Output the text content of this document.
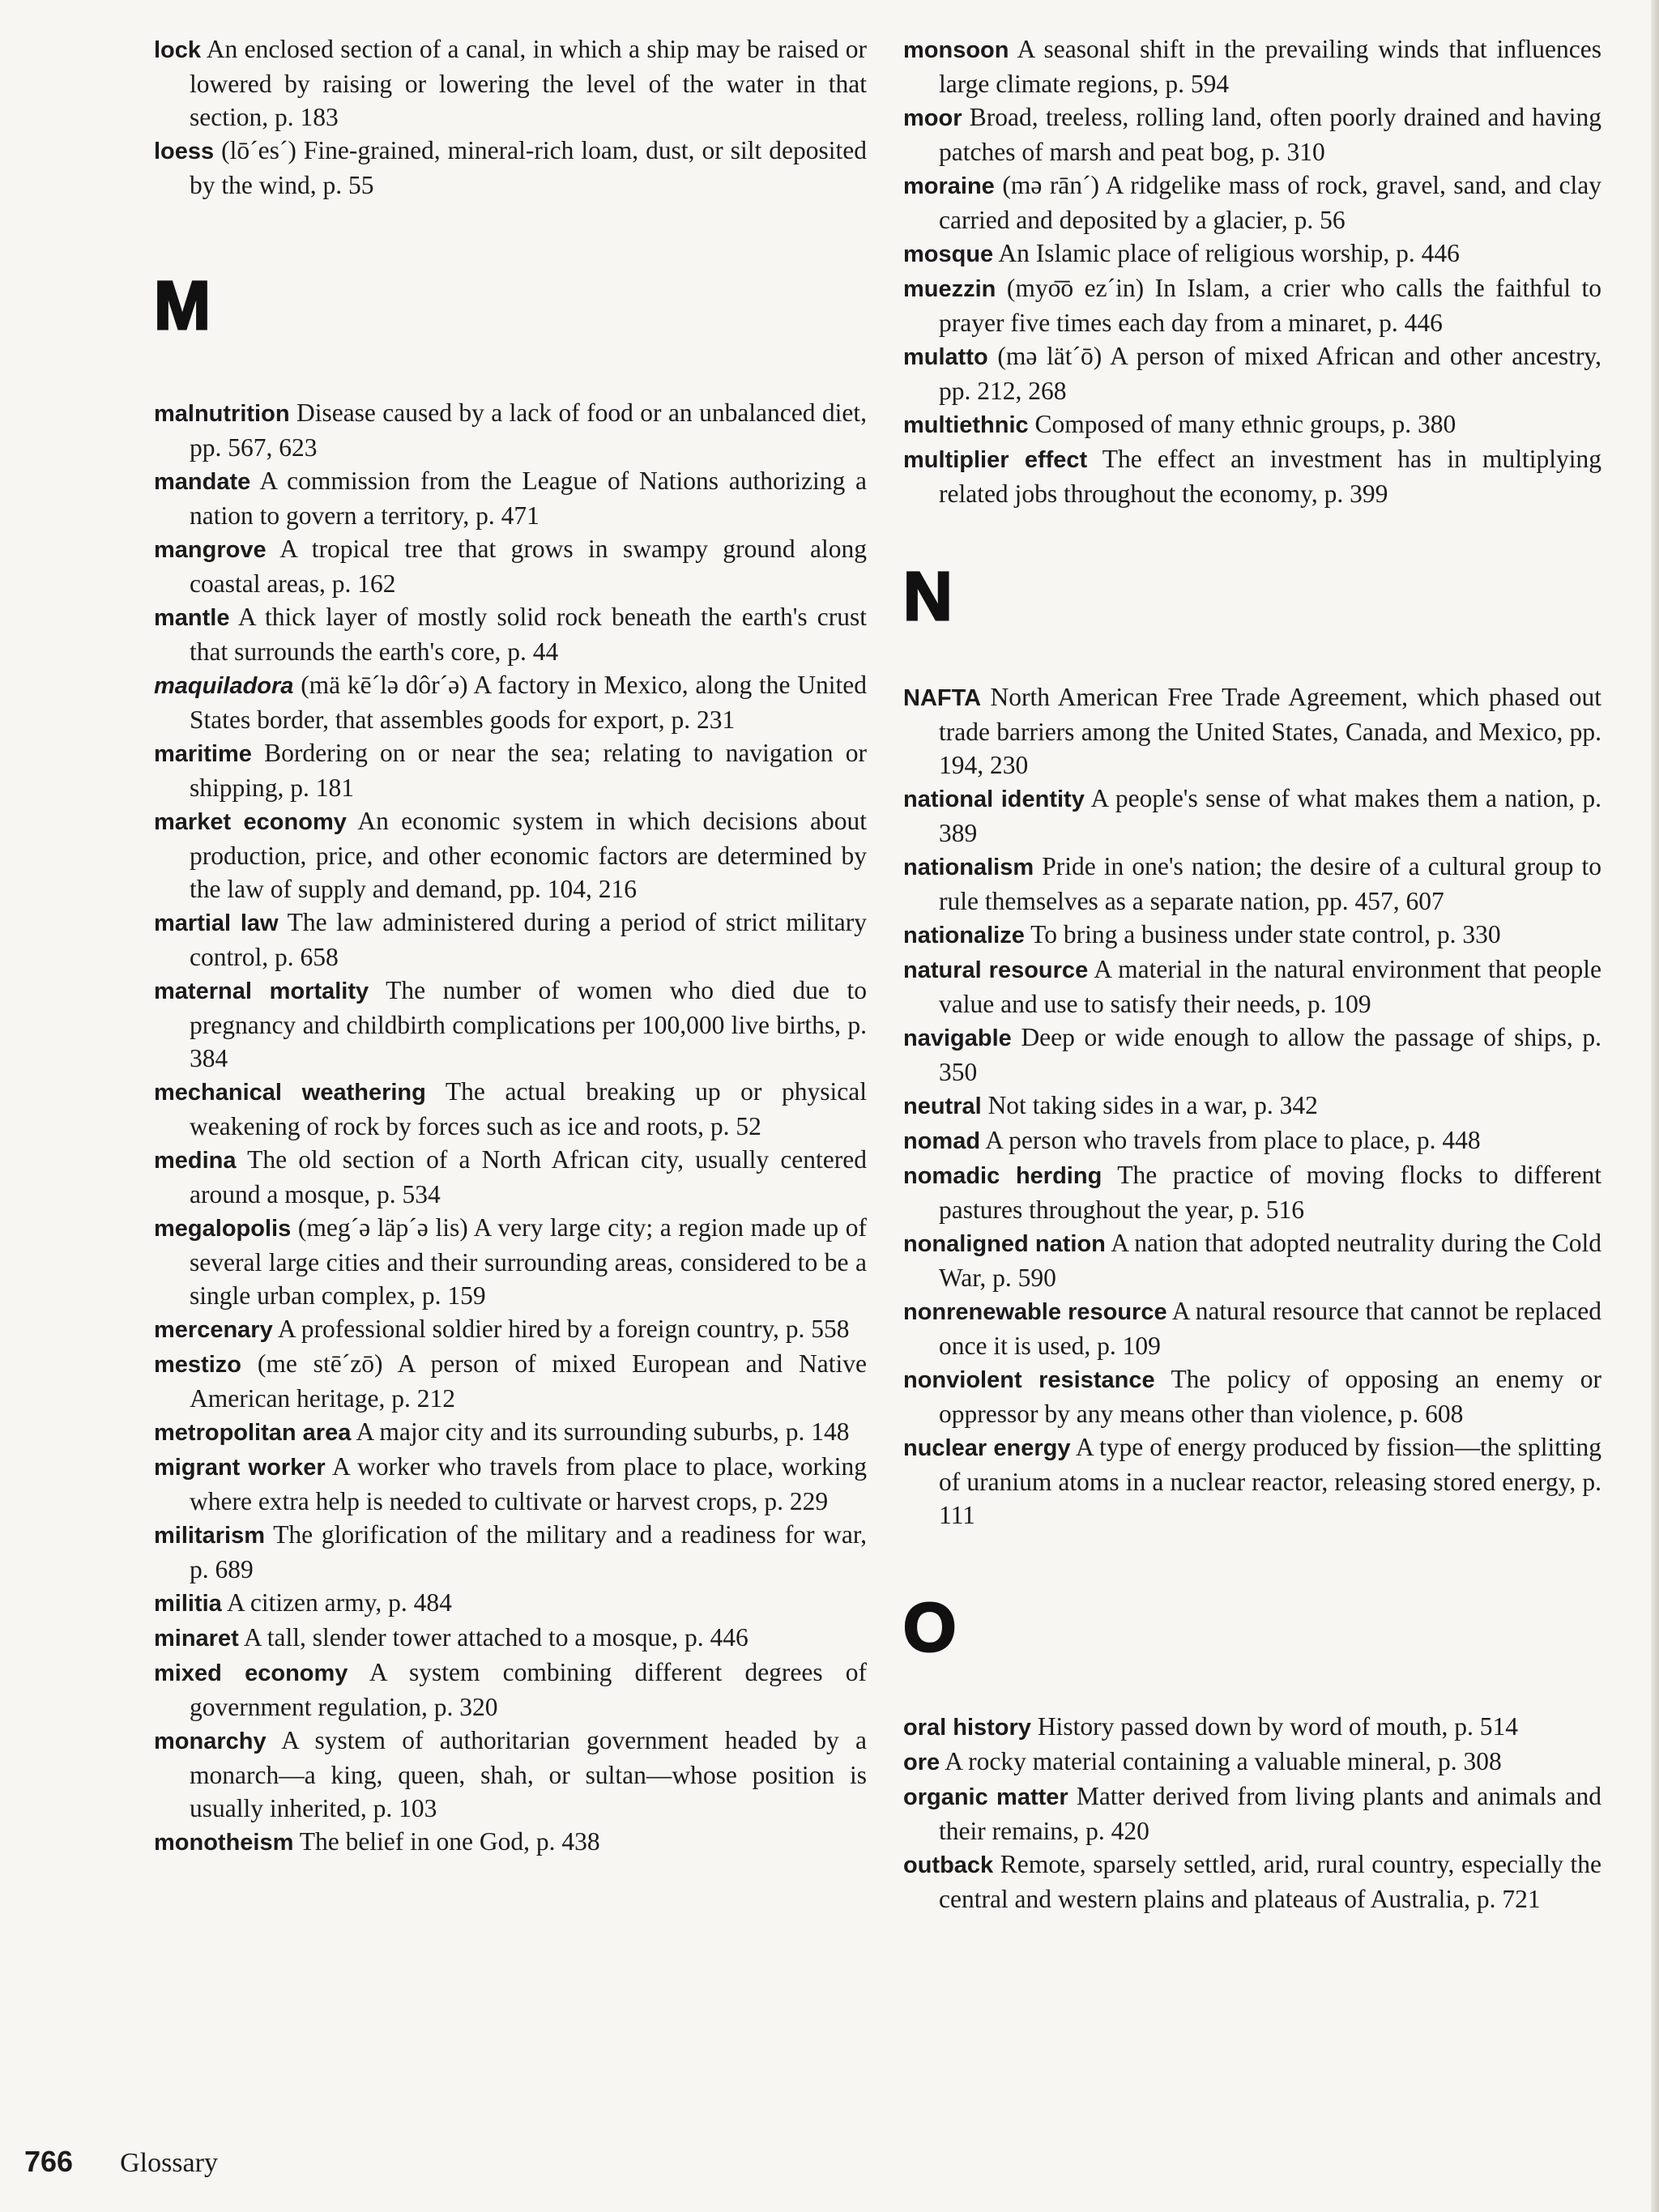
lock An enclosed section of a canal, in which a ship may be raised or lowered by raising or lowering the level of the water in that section, p. 183

loess (lō´es´) Fine-grained, mineral-rich loam, dust, or silt deposited by the wind, p. 55

M

malnutrition Disease caused by a lack of food or an unbalanced diet, pp. 567, 623

mandate A commission from the League of Nations authorizing a nation to govern a territory, p. 471

mangrove A tropical tree that grows in swampy ground along coastal areas, p. 162

mantle A thick layer of mostly solid rock beneath the earth's crust that surrounds the earth's core, p. 44

maquiladora (mä kē´lə dôr´ə) A factory in Mexico, along the United States border, that assembles goods for export, p. 231

maritime Bordering on or near the sea; relating to navigation or shipping, p. 181

market economy An economic system in which decisions about production, price, and other economic factors are determined by the law of supply and demand, pp. 104, 216

martial law The law administered during a period of strict military control, p. 658

maternal mortality The number of women who died due to pregnancy and childbirth complications per 100,000 live births, p. 384

mechanical weathering The actual breaking up or physical weakening of rock by forces such as ice and roots, p. 52

medina The old section of a North African city, usually centered around a mosque, p. 534

megalopolis (meg´ə läp´ə lis) A very large city; a region made up of several large cities and their surrounding areas, considered to be a single urban complex, p. 159

mercenary A professional soldier hired by a foreign country, p. 558

mestizo (me stē´zō) A person of mixed European and Native American heritage, p. 212

metropolitan area A major city and its surrounding suburbs, p. 148

migrant worker A worker who travels from place to place, working where extra help is needed to cultivate or harvest crops, p. 229

militarism The glorification of the military and a readiness for war, p. 689

militia A citizen army, p. 484

minaret A tall, slender tower attached to a mosque, p. 446

mixed economy A system combining different degrees of government regulation, p. 320

monarchy A system of authoritarian government headed by a monarch—a king, queen, shah, or sultan—whose position is usually inherited, p. 103

monotheism The belief in one God, p. 438

monsoon A seasonal shift in the prevailing winds that influences large climate regions, p. 594

moor Broad, treeless, rolling land, often poorly drained and having patches of marsh and peat bog, p. 310

moraine (mə rān´) A ridgelike mass of rock, gravel, sand, and clay carried and deposited by a glacier, p. 56

mosque An Islamic place of religious worship, p. 446

muezzin (myo͞o ez´in) In Islam, a crier who calls the faithful to prayer five times each day from a minaret, p. 446

mulatto (mə lät´ō) A person of mixed African and other ancestry, pp. 212, 268

multiethnic Composed of many ethnic groups, p. 380

multiplier effect The effect an investment has in multiplying related jobs throughout the economy, p. 399

N

NAFTA North American Free Trade Agreement, which phased out trade barriers among the United States, Canada, and Mexico, pp. 194, 230

national identity A people's sense of what makes them a nation, p. 389

nationalism Pride in one's nation; the desire of a cultural group to rule themselves as a separate nation, pp. 457, 607

nationalize To bring a business under state control, p. 330

natural resource A material in the natural environment that people value and use to satisfy their needs, p. 109

navigable Deep or wide enough to allow the passage of ships, p. 350

neutral Not taking sides in a war, p. 342

nomad A person who travels from place to place, p. 448

nomadic herding The practice of moving flocks to different pastures throughout the year, p. 516

nonaligned nation A nation that adopted neutrality during the Cold War, p. 590

nonrenewable resource A natural resource that cannot be replaced once it is used, p. 109

nonviolent resistance The policy of opposing an enemy or oppressor by any means other than violence, p. 608

nuclear energy A type of energy produced by fission—the splitting of uranium atoms in a nuclear reactor, releasing stored energy, p. 111

O

oral history History passed down by word of mouth, p. 514

ore A rocky material containing a valuable mineral, p. 308

organic matter Matter derived from living plants and animals and their remains, p. 420

outback Remote, sparsely settled, arid, rural country, especially the central and western plains and plateaus of Australia, p. 721

766 Glossary
